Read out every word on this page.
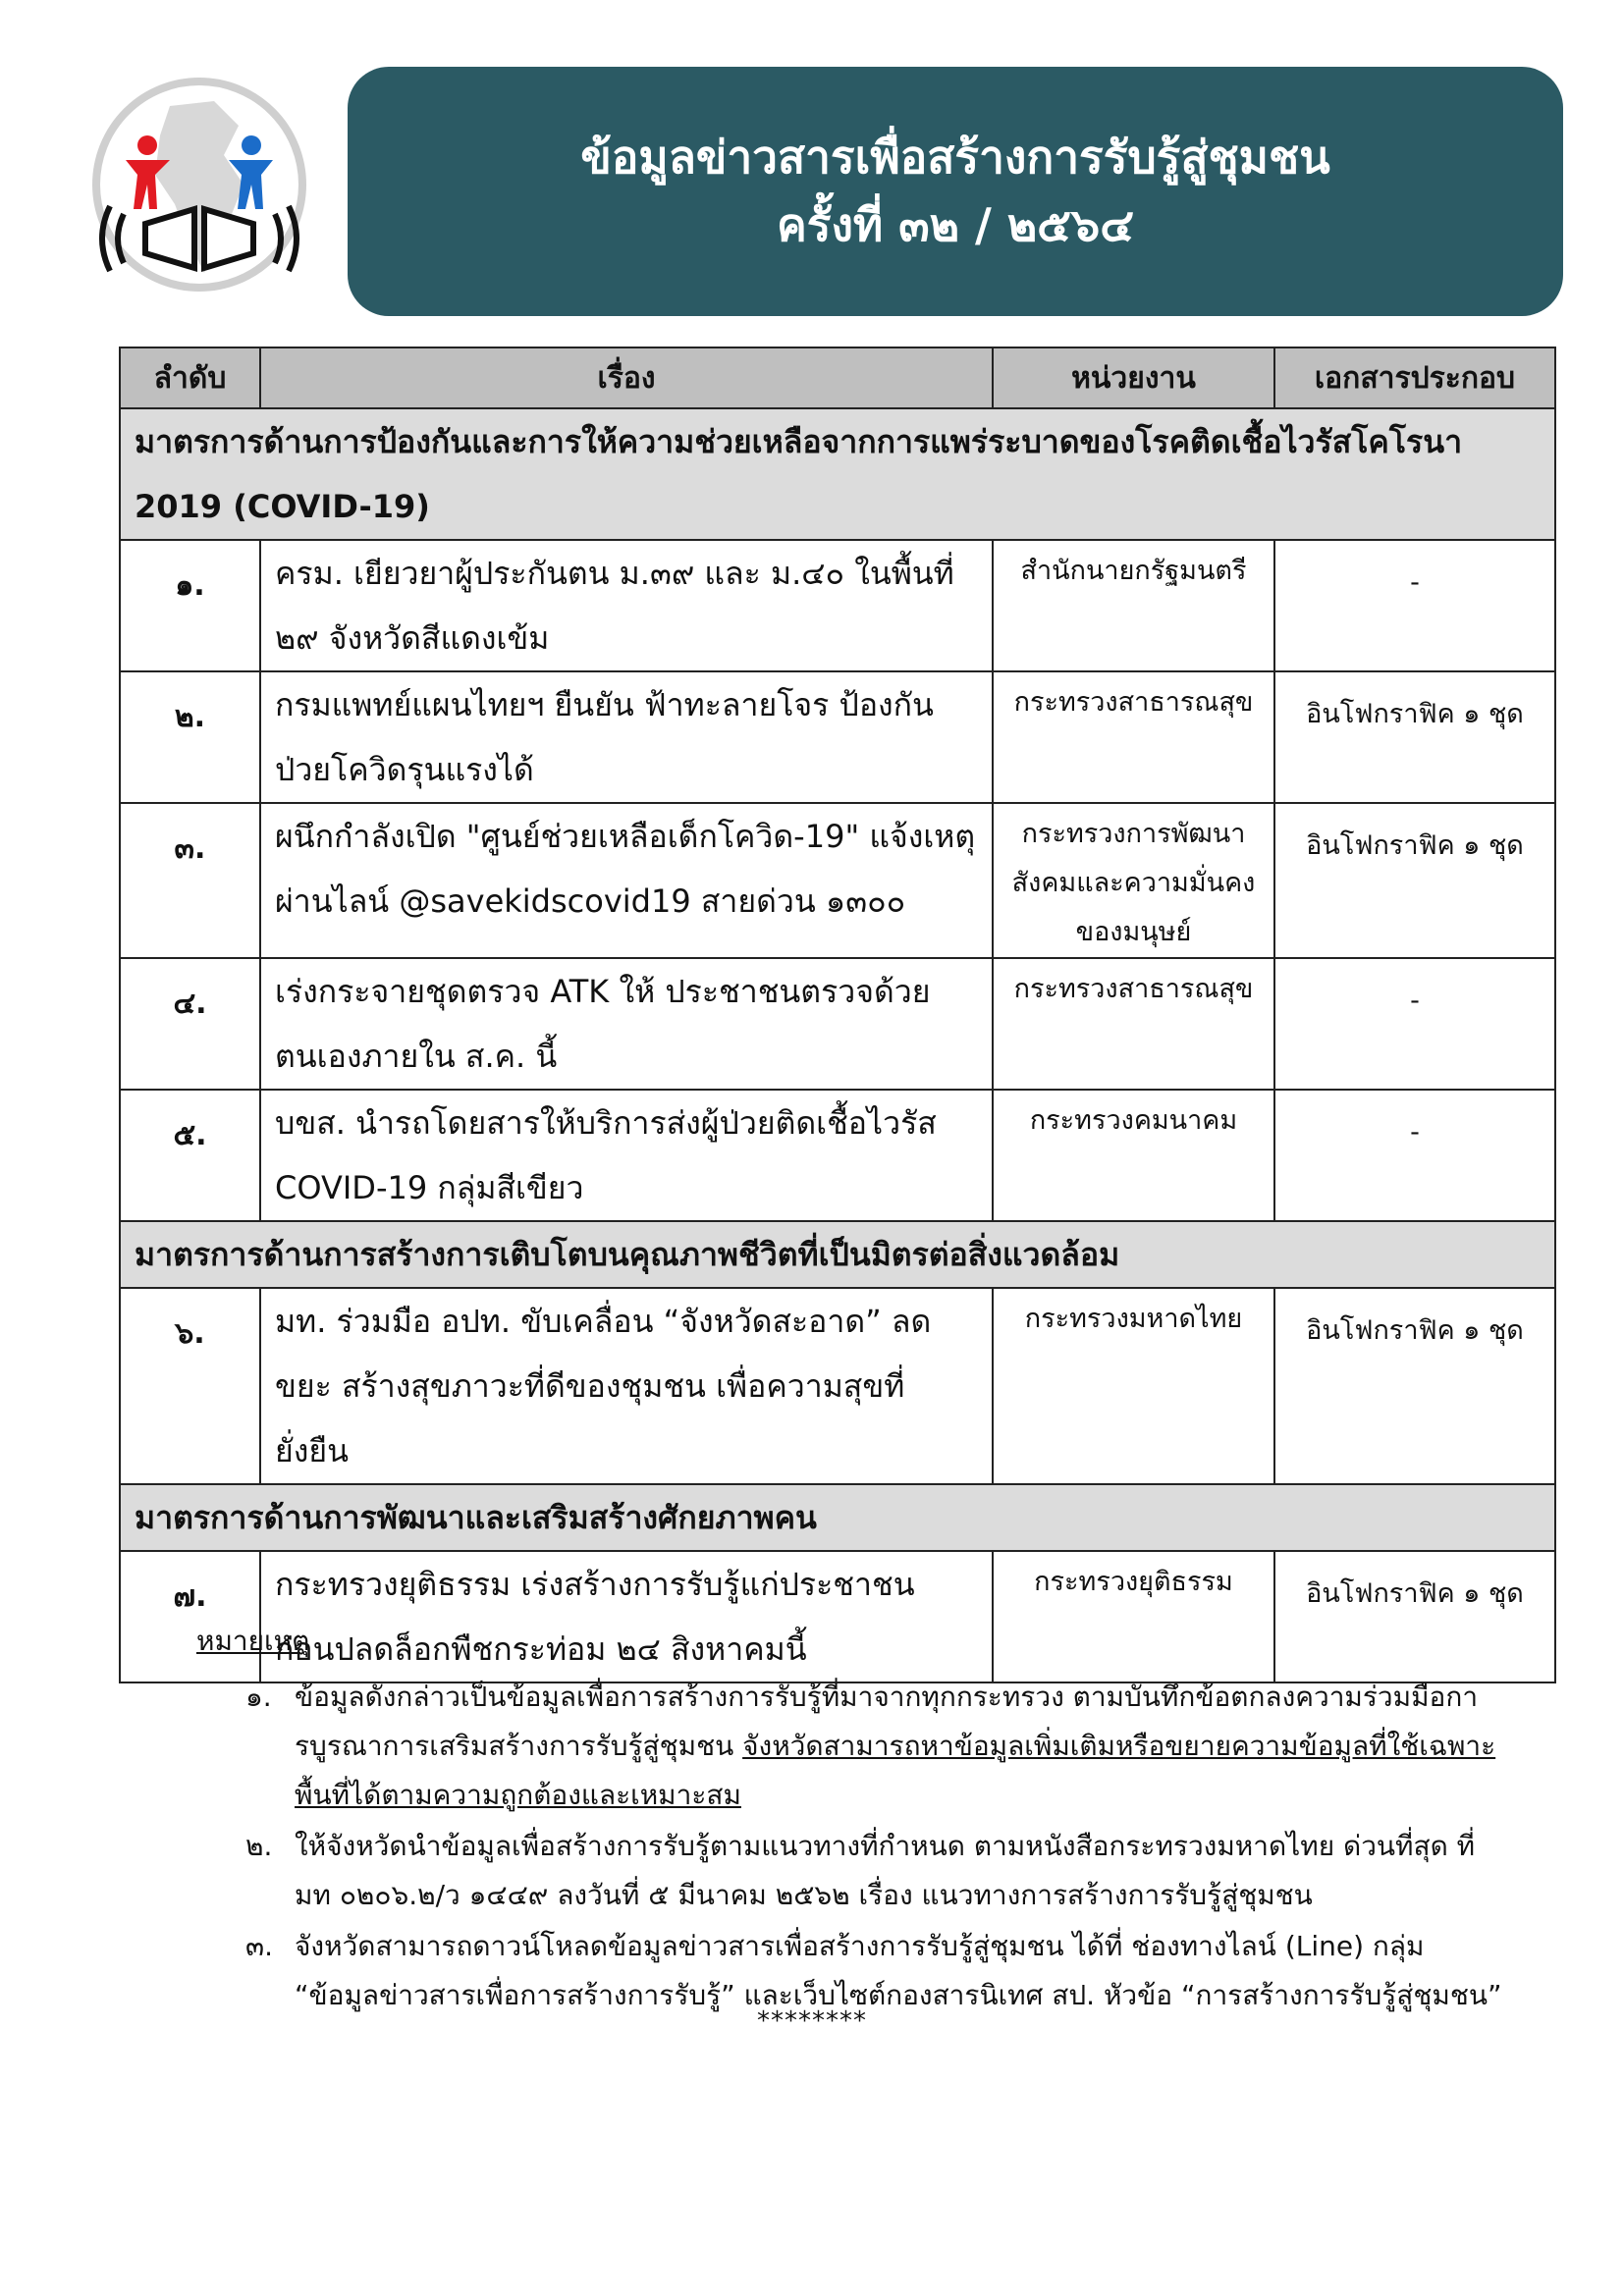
ข้อมูลข่าวสารเพื่อสร้างการรับรู้สู่ชุมชน
ครั้งที่ ๓๒ / ๒๕๖๔
ลำดับ	เรื่อง	หน่วยงาน	เอกสารประกอบ
มาตรการด้านการป้องกันและการให้ความช่วยเหลือจากการแพร่ระบาดของโรคติดเชื้อไวรัสโคโรนา 2019 (COVID-19)			
๑.	ครม. เยียวยาผู้ประกันตน ม.๓๙ และ ม.๔๐ ในพื้นที่ ๒๙ จังหวัดสีแดงเข้ม	สำนักนายกรัฐมนตรี	-
๒.	กรมแพทย์แผนไทยฯ ยืนยัน ฟ้าทะลายโจร ป้องกันป่วยโควิดรุนแรงได้	กระทรวงสาธารณสุข	อินโฟกราฟิค ๑ ชุด
๓.	ผนึกกำลังเปิด "ศูนย์ช่วยเหลือเด็กโควิด-19" แจ้งเหตุผ่านไลน์ @savekidscovid19 สายด่วน ๑๓๐๐	กระทรวงการพัฒนาสังคมและความมั่นคงของมนุษย์	อินโฟกราฟิค ๑ ชุด
๔.	เร่งกระจายชุดตรวจ ATK ให้ ประชาชนตรวจด้วยตนเองภายใน ส.ค. นี้	กระทรวงสาธารณสุข	-
๕.	บขส. นำรถโดยสารให้บริการส่งผู้ป่วยติดเชื้อไวรัส COVID-19 กลุ่มสีเขียว	กระทรวงคมนาคม	-
มาตรการด้านการสร้างการเติบโตบนคุณภาพชีวิตที่เป็นมิตรต่อสิ่งแวดล้อม			
๖.	มท. ร่วมมือ อปท. ขับเคลื่อน “จังหวัดสะอาด” ลดขยะ สร้างสุขภาวะที่ดีของชุมชน เพื่อความสุขที่ยั่งยืน	กระทรวงมหาดไทย	อินโฟกราฟิค ๑ ชุด
มาตรการด้านการพัฒนาและเสริมสร้างศักยภาพคน			
๗.	กระทรวงยุติธรรม เร่งสร้างการรับรู้แก่ประชาชน ก่อนปลดล็อกพืชกระท่อม ๒๔ สิงหาคมนี้	กระทรวงยุติธรรม	อินโฟกราฟิค ๑ ชุด
หมายเหตุ
๑. ข้อมูลดังกล่าวเป็นข้อมูลเพื่อการสร้างการรับรู้ที่มาจากทุกกระทรวง ตามบันทึกข้อตกลงความร่วมมือการบูรณาการเสริมสร้างการรับรู้สู่ชุมชน จังหวัดสามารถหาข้อมูลเพิ่มเติมหรือขยายความข้อมูลที่ใช้เฉพาะพื้นที่ได้ตามความถูกต้องและเหมาะสม
๒. ให้จังหวัดนำข้อมูลเพื่อสร้างการรับรู้ตามแนวทางที่กำหนด ตามหนังสือกระทรวงมหาดไทย ด่วนที่สุด ที่ มท ๐๒๐๖.๒/ว ๑๔๔๙ ลงวันที่ ๕ มีนาคม ๒๕๖๒ เรื่อง แนวทางการสร้างการรับรู้สู่ชุมชน
๓. จังหวัดสามารถดาวน์โหลดข้อมูลข่าวสารเพื่อสร้างการรับรู้สู่ชุมชน ได้ที่ ช่องทางไลน์ (Line) กลุ่ม “ข้อมูลข่าวสารเพื่อการสร้างการรับรู้” และเว็บไซต์กองสารนิเทศ สป. หัวข้อ “การสร้างการรับรู้สู่ชุมชน”
********
